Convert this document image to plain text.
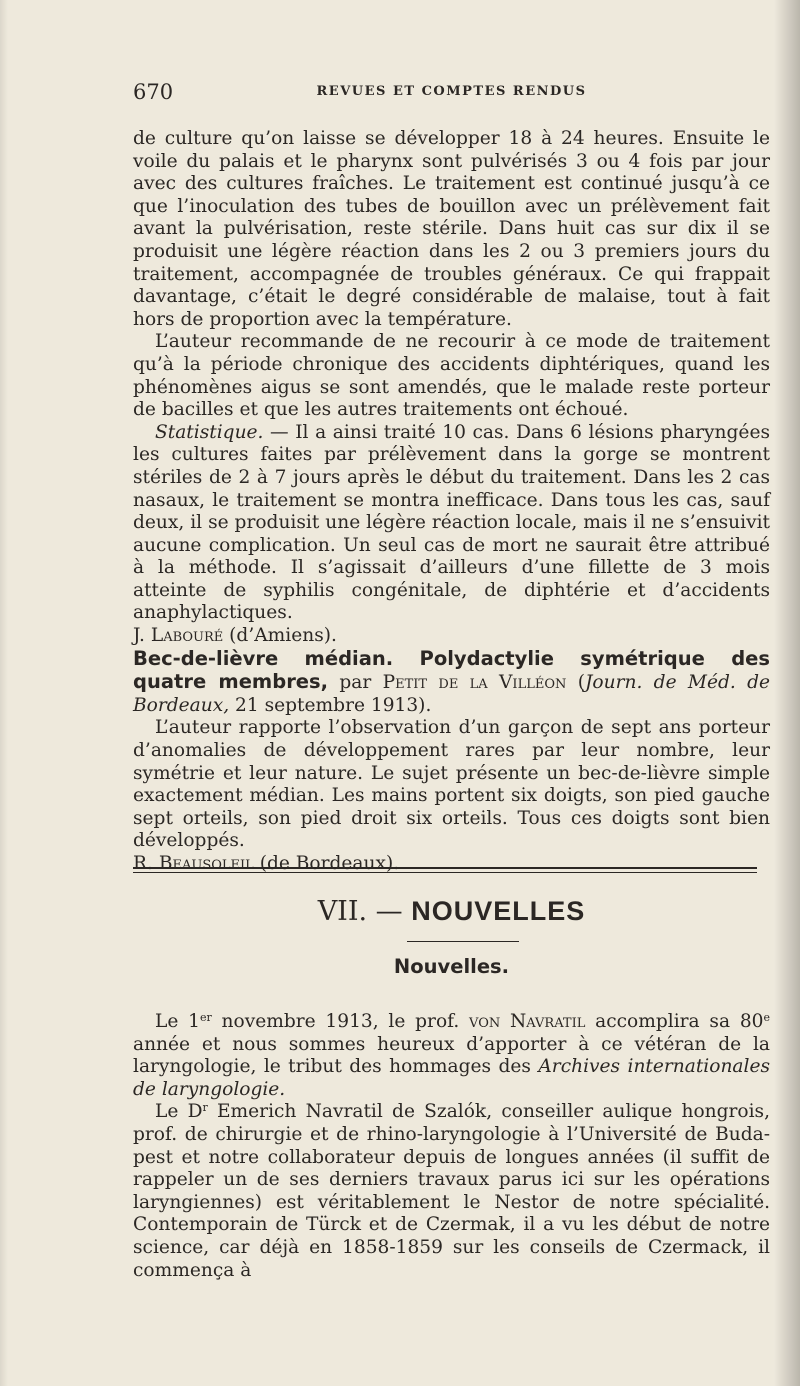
670	REVUES ET COMPTES RENDUS

de culture qu’on laisse se développer 18 à 24 heures. Ensuite le voile du palais et le pharynx sont pulvérisés 3 ou 4 fois par jour avec des cultures fraîches. Le traitement est continué jusqu’à ce que l’inoculation des tubes de bouillon avec un prélèvement fait avant la pulvérisation, reste stérile. Dans huit cas sur dix il se produisit une légère réaction dans les 2 ou 3 premiers jours du traitement, accompagnée de troubles généraux. Ce qui frappait davantage, c’était le degré considérable de malaise, tout à fait hors de proportion avec la température.

L’auteur recommande de ne recourir à ce mode de traitement qu’à la période chronique des accidents diphtériques, quand les phénomènes aigus se sont amendés, que le malade reste porteur de bacilles et que les autres traitements ont échoué.

Statistique. — Il a ainsi traité 10 cas. Dans 6 lésions pharyngées les cultures faites par prélèvement dans la gorge se montrent stériles de 2 à 7 jours après le début du traitement. Dans les 2 cas nasaux, le traitement se montra inefficace. Dans tous les cas, sauf deux, il se produisit une légère réaction locale, mais il ne s’ensuivit aucune complication. Un seul cas de mort ne saurait être attribué à la méthode. Il s’agissait d’ailleurs d’une fillette de 3 mois atteinte de syphilis congénitale, de diphtérie et d’accidents anaphylactiques.

J. Labouré (d’Amiens).

Bec-de-lièvre médian. Polydactylie symétrique des quatre membres, par Petit de la Villéon (Journ. de Méd. de Bordeaux, 21 septembre 1913).

L’auteur rapporte l’observation d’un garçon de sept ans porteur d’anomalies de développement rares par leur nombre, leur symétrie et leur nature. Le sujet présente un bec-de-lièvre simple exactement médian. Les mains portent six doigts, son pied gauche sept orteils, son pied droit six orteils. Tous ces doigts sont bien développés.

R. Beausoleil (de Bordeaux).

VII. — NOUVELLES
Nouvelles.

Le 1er novembre 1913, le prof. von Navratil accomplira sa 80e année et nous sommes heureux d’apporter à ce vétéran de la laryngologie, le tribut des hommages des Archives internationales de laryngologie.

Le $D^r$ Emerich Navratil de Szalók, conseiller aulique hongrois, prof. de chirurgie et de rhino-laryngologie à l’Université de Buda-pest et notre collaborateur depuis de longues années (il suffit de rappeler un de ses derniers travaux parus ici sur les opérations laryngiennes) est véritablement le Nestor de notre spécialité. Contemporain de Türck et de Czermak, il a vu les début de notre science, car déjà en 1858-1859 sur les conseils de Czermack, il commença à
